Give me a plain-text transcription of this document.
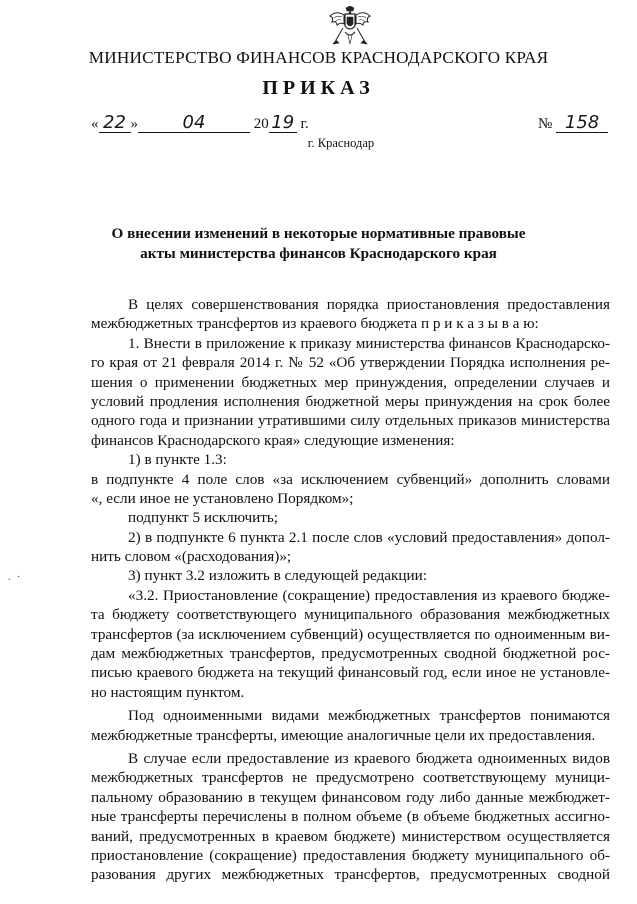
МИНИСТЕРСТВО ФИНАНСОВ КРАСНОДАРСКОГО КРАЯ
ПРИКАЗ
« 22 » 04	20 19 г.	№ 158
г. Краснодар
О внесении изменений в некоторые нормативные правовые
акты министерства финансов Краснодарского края
. ·
В целях совершенствования порядка приостановления предоставления
межбюджетных трансфертов из краевого бюджета п р и к а з ы в а ю:
1. Внести в приложение к приказу министерства финансов Краснодарско-
го края от 21 февраля 2014 г. № 52 «Об утверждении Порядка исполнения ре-
шения о применении бюджетных мер принуждения, определении случаев и
условий продления исполнения бюджетной меры принуждения на срок более
одного года и признании утратившими силу отдельных приказов министерства
финансов Краснодарского края» следующие изменения:
1) в пункте 1.3:
в подпункте 4 поле слов «за исключением субвенций» дополнить словами
«, если иное не установлено Порядком»;
подпункт 5 исключить;
2) в подпункте 6 пункта 2.1 после слов «условий предоставления» допол-
нить словом «(расходования)»;
3) пункт 3.2 изложить в следующей редакции:
«3.2. Приостановление (сокращение) предоставления из краевого бюдже-
та бюджету соответствующего муниципального образования межбюджетных
трансфертов (за исключением субвенций) осуществляется по одноименным ви-
дам межбюджетных трансфертов, предусмотренных сводной бюджетной рос-
писью краевого бюджета на текущий финансовый год, если иное не установле-
но настоящим пунктом.
Под одноименными видами межбюджетных трансфертов понимаются
межбюджетные трансферты, имеющие аналогичные цели их предоставления.
В случае если предоставление из краевого бюджета одноименных видов
межбюджетных трансфертов не предусмотрено соответствующему муници-
пальному образованию в текущем финансовом году либо данные межбюджет-
ные трансферты перечислены в полном объеме (в объеме бюджетных ассигно-
ваний, предусмотренных в краевом бюджете) министерством осуществляется
приостановление (сокращение) предоставления бюджету муниципального об-
разования других межбюджетных трансфертов, предусмотренных сводной
